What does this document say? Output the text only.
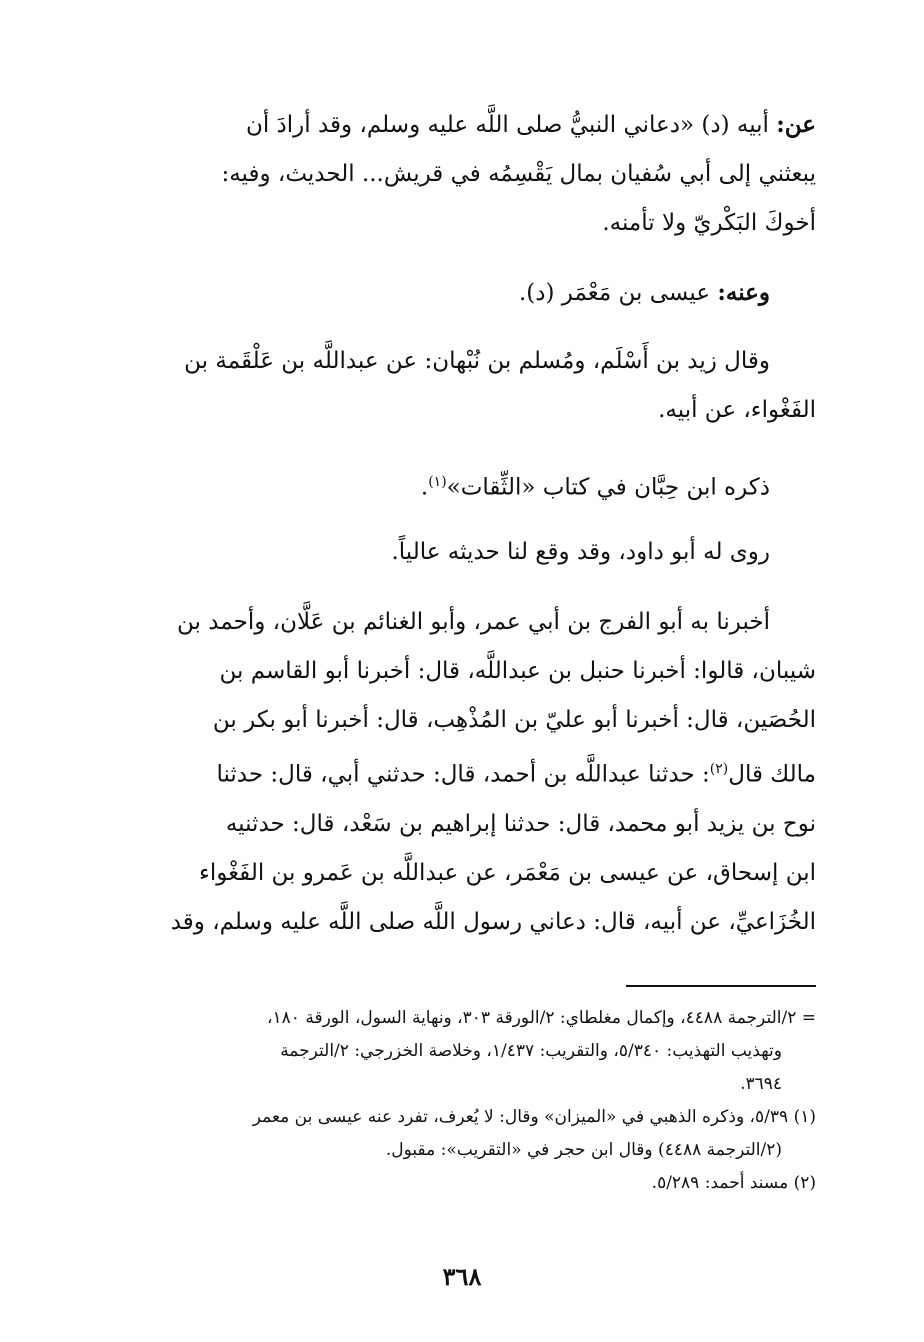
عن: أبيه (د) «دعاني النبيُّ صلى اللَّه عليه وسلم، وقد أرادَ أن
يبعثني إلى أبي سُفيان بمال يَقْسِمُه في قريش... الحديث، وفيه:
أخوكَ البَكْريّ ولا تأمنه.
وعنه: عيسى بن مَعْمَر (د).
وقال زيد بن أَسْلَم، ومُسلم بن نُبْهان: عن عبداللَّه بن عَلْقَمة بن
الفَغْواء، عن أبيه.
ذكره ابن حِبَّان في كتاب «الثِّقات»$^{(١)}$.
روى له أبو داود، وقد وقع لنا حديثه عالياً.
أخبرنا به أبو الفرج بن أبي عمر، وأبو الغنائم بن عَلَّان، وأحمد بن
شيبان، قالوا: أخبرنا حنبل بن عبداللَّه، قال: أخبرنا أبو القاسم بن
الحُصَين، قال: أخبرنا أبو عليّ بن المُذْهِب، قال: أخبرنا أبو بكر بن
مالك قال$^{(٢)}$: حدثنا عبداللَّه بن أحمد، قال: حدثني أبي، قال: حدثنا
نوح بن يزيد أبو محمد، قال: حدثنا إبراهيم بن سَعْد، قال: حدثنيه
ابن إسحاق، عن عيسى بن مَعْمَر، عن عبداللَّه بن عَمرو بن الفَغْواء
الخُزَاعيِّ، عن أبيه، قال: دعاني رسول اللَّه صلى اللَّه عليه وسلم، وقد
= ٢/الترجمة ٤٤٨٨، وإكمال مغلطاي: ٢/الورقة ٣٠٣، ونهاية السول، الورقة ١٨٠،
وتهذيب التهذيب: ٥/٣٤٠، والتقريب: ١/٤٣٧، وخلاصة الخزرجي: ٢/الترجمة
٣٦٩٤.
(١) ٥/٣٩، وذكره الذهبي في «الميزان» وقال: لا يُعرف، تفرد عنه عيسى بن معمر
(٢/الترجمة ٤٤٨٨) وقال ابن حجر في «التقريب»: مقبول.
(٢) مسند أحمد: ٥/٢٨٩.
٣٦٨
